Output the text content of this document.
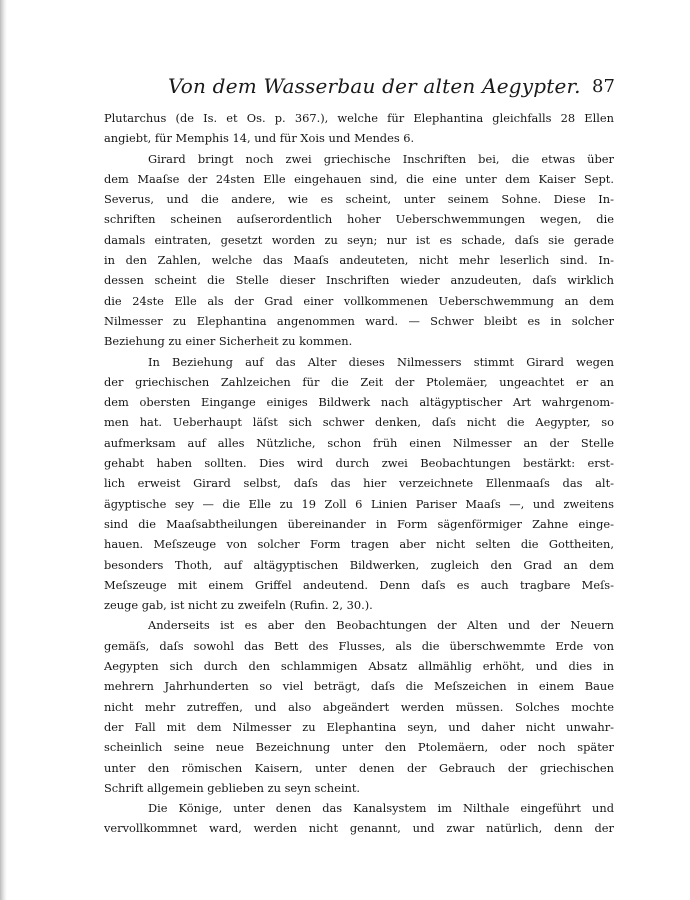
Von dem Wasserbau der alten Aegypter. 87
Plutarchus (de Is. et Os. p. 367.), welche für Elephantina gleichfalls 28 Ellen
angiebt, für Memphis 14, und für Xois und Mendes 6.
Girard bringt noch zwei griechische Inschriften bei, die etwas über
dem Maaſse der 24sten Elle eingehauen sind, die eine unter dem Kaiser Sept.
Severus, und die andere, wie es scheint, unter seinem Sohne. Diese In-
schriften scheinen auſserordentlich hoher Ueberschwemmungen wegen, die
damals eintraten, gesetzt worden zu seyn; nur ist es schade, daſs sie gerade
in den Zahlen, welche das Maaſs andeuteten, nicht mehr leserlich sind. In-
dessen scheint die Stelle dieser Inschriften wieder anzudeuten, daſs wirklich
die 24ste Elle als der Grad einer vollkommenen Ueberschwemmung an dem
Nilmesser zu Elephantina angenommen ward. — Schwer bleibt es in solcher
Beziehung zu einer Sicherheit zu kommen.
In Beziehung auf das Alter dieses Nilmessers stimmt Girard wegen
der griechischen Zahlzeichen für die Zeit der Ptolemäer, ungeachtet er an
dem obersten Eingange einiges Bildwerk nach altägyptischer Art wahrgenom-
men hat. Ueberhaupt läſst sich schwer denken, daſs nicht die Aegypter, so
aufmerksam auf alles Nützliche, schon früh einen Nilmesser an der Stelle
gehabt haben sollten. Dies wird durch zwei Beobachtungen bestärkt: erst-
lich erweist Girard selbst, daſs das hier verzeichnete Ellenmaaſs das alt-
ägyptische sey — die Elle zu 19 Zoll 6 Linien Pariser Maaſs —, und zweitens
sind die Maaſsabtheilungen übereinander in Form sägenförmiger Zahne einge-
hauen. Meſszeuge von solcher Form tragen aber nicht selten die Gottheiten,
besonders Thoth, auf altägyptischen Bildwerken, zugleich den Grad an dem
Meſszeuge mit einem Griffel andeutend. Denn daſs es auch tragbare Meſs-
zeuge gab, ist nicht zu zweifeln (Rufin. 2, 30.).
Anderseits ist es aber den Beobachtungen der Alten und der Neuern
gemäſs, daſs sowohl das Bett des Flusses, als die überschwemmte Erde von
Aegypten sich durch den schlammigen Absatz allmählig erhöht, und dies in
mehrern Jahrhunderten so viel beträgt, daſs die Meſszeichen in einem Baue
nicht mehr zutreffen, und also abgeändert werden müssen. Solches mochte
der Fall mit dem Nilmesser zu Elephantina seyn, und daher nicht unwahr-
scheinlich seine neue Bezeichnung unter den Ptolemäern, oder noch später
unter den römischen Kaisern, unter denen der Gebrauch der griechischen
Schrift allgemein geblieben zu seyn scheint.
Die Könige, unter denen das Kanalsystem im Nilthale eingeführt und
vervollkommnet ward, werden nicht genannt, und zwar natürlich, denn der
